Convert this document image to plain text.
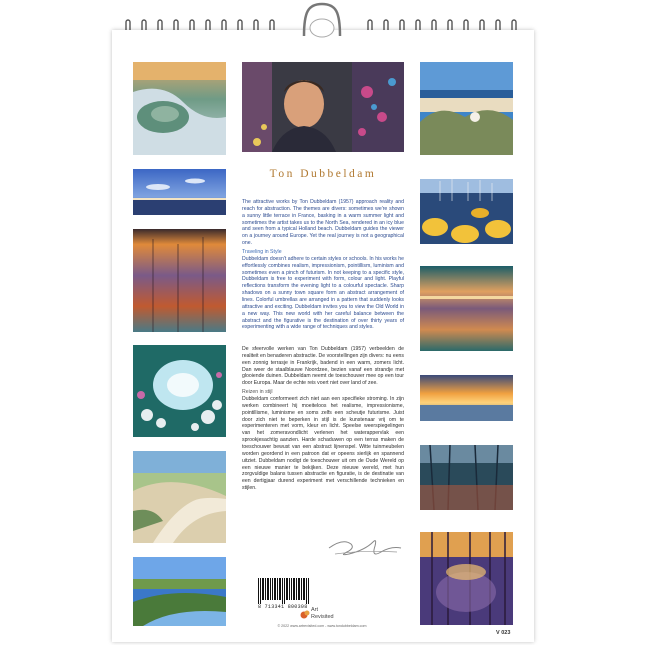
Ton Dubbeldam
The attractive works by Ton Dubbeldam (1957) approach reality and reach for abstraction. The themes are divers: sometimes we're shown a sunny little terrace in France, basking in a warm summer light and sometimes the artist takes us to the North Sea, rendered in an icy blue and seen from a typical Holland beach. Dubbeldam guides the viewer on a journey around Europe. Yet the real journey is not a geographical one.
Traveling in Style
Dubbeldam doesn't adhere to certain styles or schools. In his works he effortlessly combines realism, impressionism, pointillism, luminism and sometimes even a pinch of futurism. In not keeping to a specific style, Dubbeldam is free to experiment with form, colour and light. Playful reflections transform the evening light to a colourful spectacle. Sharp shadows on a sunny town square form an abstract arrangement of lines. Colorful umbrellas are arranged in a pattern that suddenly looks attractive and exciting. Dubbeldam invites you to view the Old World in a new way. This new world with her careful balance between the abstract and the figurative is the destination of over thirty years of experimenting with a wide range of techniques and styles.
De sfeervolle werken van Ton Dubbeldam (1957) verbeelden de realiteit en benaderen abstractie. De voorstellingen zijn divers: nu eens een zonnig terrasje in Frankrijk, badend in een warm, zomers licht. Dan weer de staalblauwe Noordzee, bezien vanaf een strandje met glooiende duinen. Dubbeldam neemt de toeschouwer mee op een tour door Europa. Maar de echte reis voert niet over land of zee.
Reizen in stijl
Dubbeldam conformeert zich niet aan een specifieke stroming. In zijn werken combineert hij moeiteloos het realisme, impressionisme, pointillisme, luminisme en soms zelfs een scheutje futurisme. Juist door zich niet te beperken in stijl is de kunstenaar vrij om te experimenteren met vorm, kleur en licht. Speelse weerspiegelingen van het zomeravondlicht verlenen het waterappervlak een sprookjesachtig aanzien. Harde schaduwen op een terras maken de toeschouwer bewust van een abstract lijnenspel. Witte tuinmeubelen worden geordend in een patroon dat er opeens sierlijk en spannend uitziet. Dubbeldam nodigt de toeschouwer uit om de Oude Wereld op een nieuwe manier te bekijken. Deze nieuwe wereld, met hun zorgvuldige balans tussen abstractie en figuratie, is de destinatie van een dertigjaar durend experiment met verschillende technieken en stijlen.
8 713341 800308 Art
Revisited
© 2022 www.artrevisited.com - www.tondubbeldam.com
V 023
